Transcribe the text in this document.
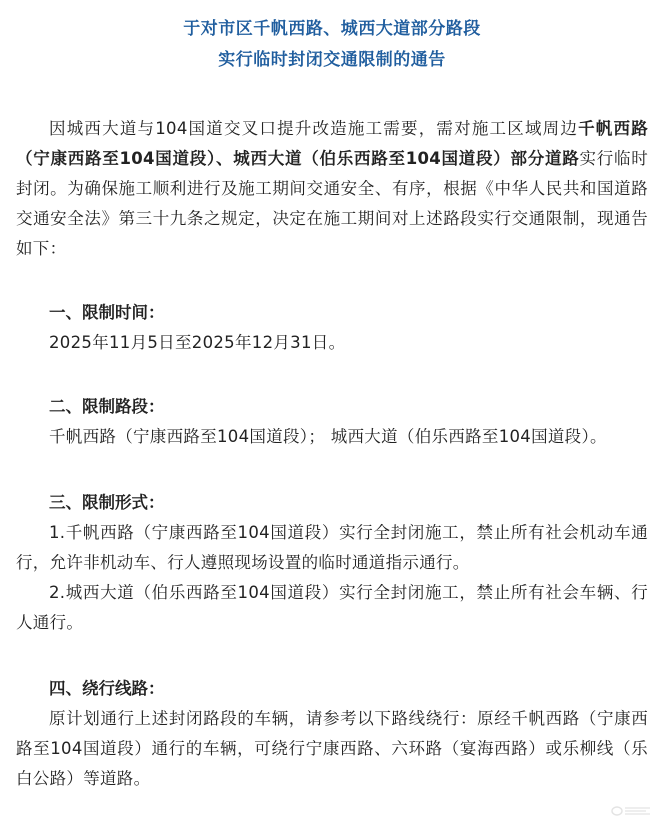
于对市区千帆西路、城西大道部分路段
实行临时封闭交通限制的通告

因城西大道与104国道交叉口提升改造施工需要，需对施工区域周边千帆西路（宁康西路至104国道段）、城西大道（伯乐西路至104国道段）部分道路实行临时封闭。为确保施工顺利进行及施工期间交通安全、有序，根据《中华人民共和国道路交通安全法》第三十九条之规定，决定在施工期间对上述路段实行交通限制，现通告如下：

一、限制时间：

2025年11月5日至2025年12月31日。

二、限制路段：

千帆西路（宁康西路至104国道段）； 城西大道（伯乐西路至104国道段）。

三、限制形式：

1.千帆西路（宁康西路至104国道段）实行全封闭施工，禁止所有社会机动车通行，允许非机动车、行人遵照现场设置的临时通道指示通行。

2.城西大道（伯乐西路至104国道段）实行全封闭施工，禁止所有社会车辆、行人通行。

四、绕行线路：

原计划通行上述封闭路段的车辆，请参考以下路线绕行：原经千帆西路（宁康西路至104国道段）通行的车辆，可绕行宁康西路、六环路（宴海西路）或乐柳线（乐白公路）等道路。
